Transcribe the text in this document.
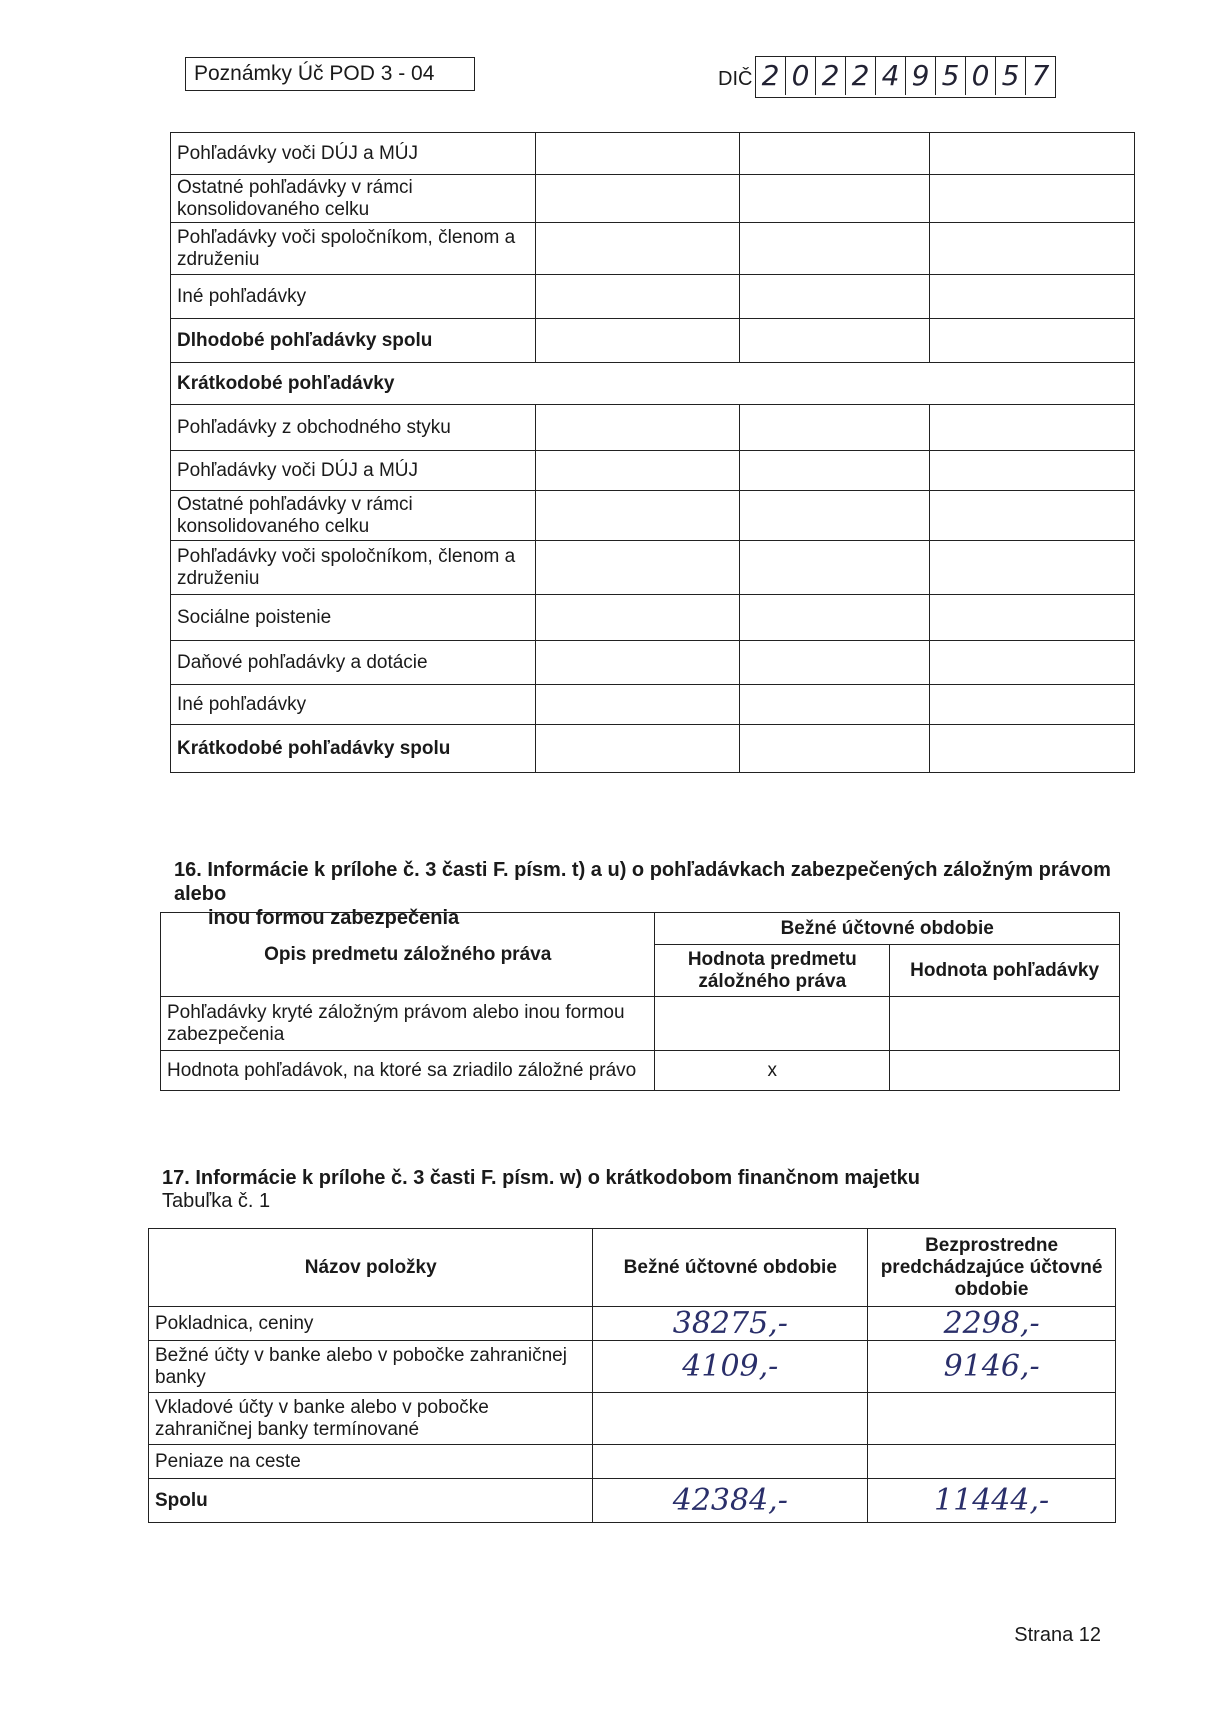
Poznámky Úč POD 3 - 04	DIČ 2 0 2 2 4 9 5 0 5 7
Pohľadávky voči DÚJ a MÚJ			
Ostatné pohľadávky v rámci konsolidovaného celku			
Pohľadávky voči spoločníkom, členom a združeniu			
Iné pohľadávky			
Dlhodobé pohľadávky spolu			
Krátkodobé pohľadávky			
Pohľadávky z obchodného styku			
Pohľadávky voči DÚJ a MÚJ			
Ostatné pohľadávky v rámci konsolidovaného celku			
Pohľadávky voči spoločníkom, členom a združeniu			
Sociálne poistenie			
Daňové pohľadávky a dotácie			
Iné pohľadávky			
Krátkodobé pohľadávky spolu			
16. Informácie k prílohe č. 3 časti F. písm. t) a u) o pohľadávkach zabezpečených záložným právom alebo
inou formou zabezpečenia
Opis predmetu záložného práva	Bežné účtovné obdobie	
	Hodnota predmetu záložného práva	Hodnota pohľadávky
Pohľadávky kryté záložným právom alebo inou formou zabezpečenia		
Hodnota pohľadávok, na ktoré sa zriadilo záložné právo	x	
17. Informácie k prílohe č. 3 časti F. písm. w) o krátkodobom finančnom majetku
Tabuľka č. 1
Názov položky	Bežné účtovné obdobie	Bezprostredne predchádzajúce účtovné obdobie
Pokladnica, ceniny	38275,-	2298,-
Bežné účty v banke alebo v pobočke zahraničnej banky	4109,-	9146,-
Vkladové účty v banke alebo v pobočke zahraničnej banky termínované		
Peniaze na ceste		
Spolu	42384,-	11444,-
Strana 12
